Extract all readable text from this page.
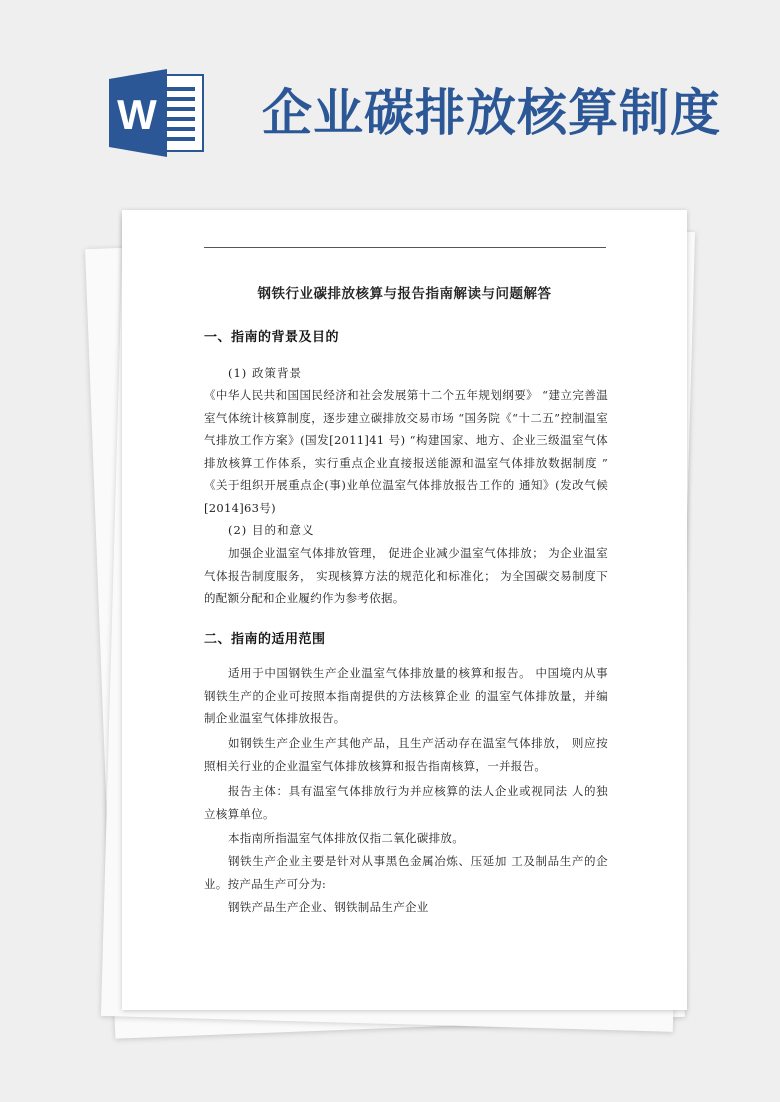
W 企业碳排放核算制度
钢铁行业碳排放核算与报告指南解读与问题解答
一、指南的背景及目的
(1) 政策背景
《中华人民共和国国民经济和社会发展第十二个五年规划纲要》 “建立完善温室气体统计核算制度，逐步建立碳排放交易市场 “国务院《“十二五”控制温室气排放工作方案》(国发[2011]41 号) “构建国家、地方、企业三级温室气体排放核算工作体系，实行重点企业直接报送能源和温室气体排放数据制度 ” 《关于组织开展重点企(事)业单位温室气体排放报告工作的 通知》(发改气候[2014]63号)
(2) 目的和意义
加强企业温室气体排放管理， 促进企业减少温室气体排放； 为企业温室气体报告制度服务， 实现核算方法的规范化和标准化； 为全国碳交易制度下的配额分配和企业履约作为参考依据。
二、指南的适用范围
适用于中国钢铁生产企业温室气体排放量的核算和报告。 中国境内从事钢铁生产的企业可按照本指南提供的方法核算企业 的温室气体排放量，并编制企业温室气体排放报告。
如钢铁生产企业生产其他产品，且生产活动存在温室气体排放， 则应按照相关行业的企业温室气体排放核算和报告指南核算，一并报告。
报告主体：具有温室气体排放行为并应核算的法人企业或视同法 人的独立核算单位。
本指南所指温室气体排放仅指二氧化碳排放。
钢铁生产企业主要是针对从事黑色金属冶炼、压延加 工及制品生产的企业。按产品生产可分为:
钢铁产品生产企业、钢铁制品生产企业
